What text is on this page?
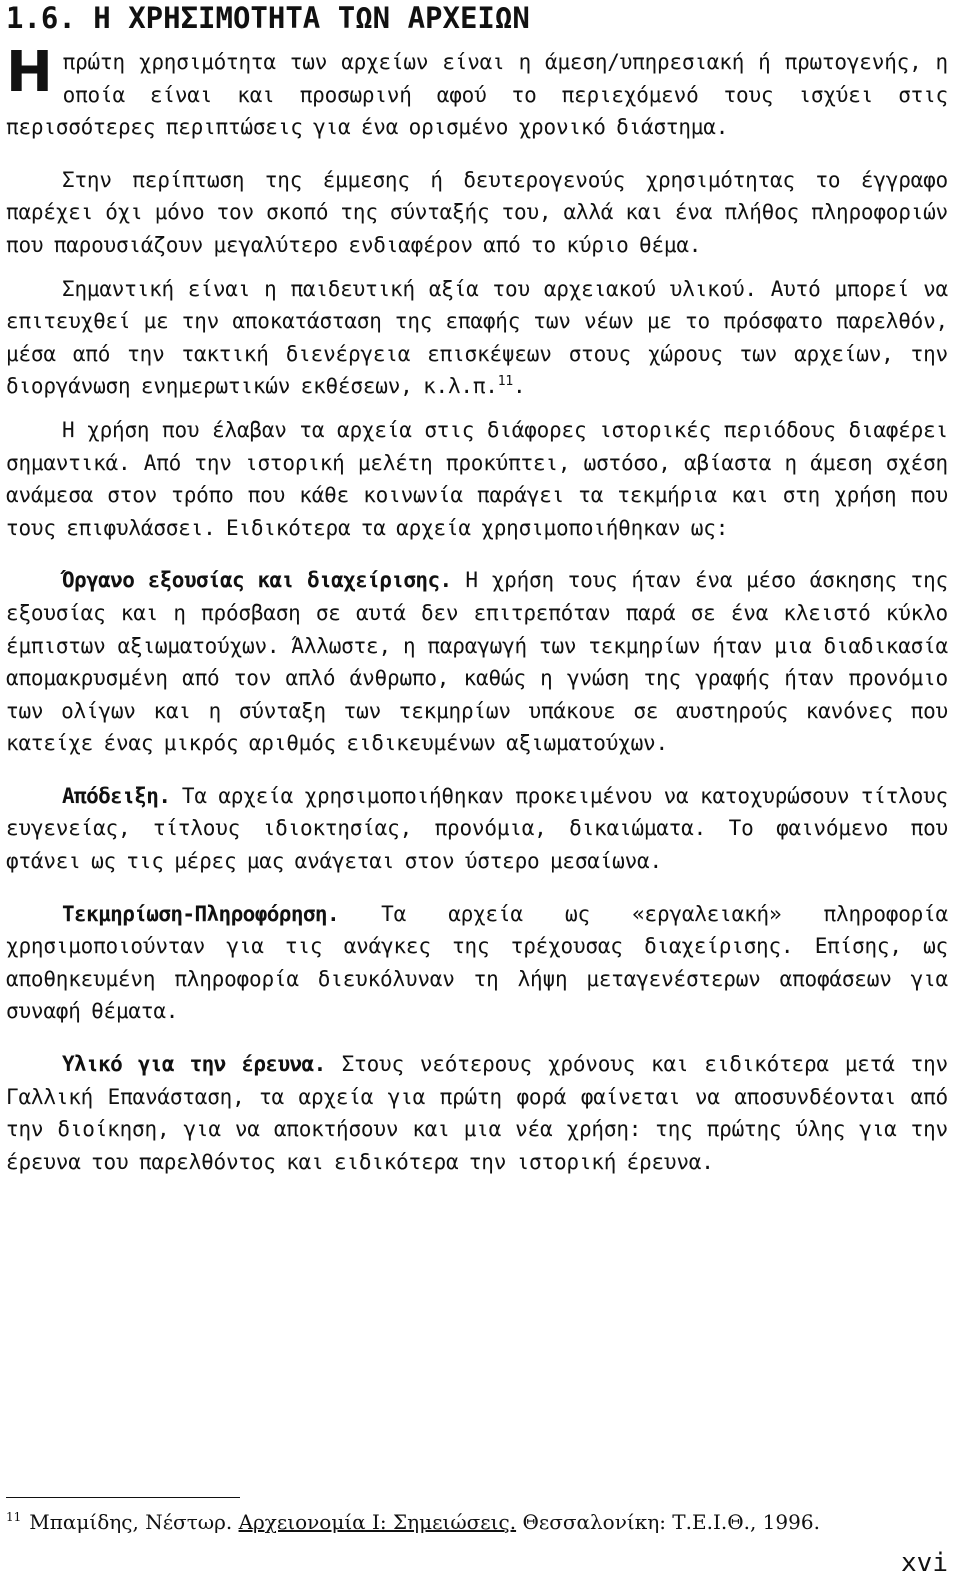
1.6. Η ΧΡΗΣΙΜΟΤΗΤΑ ΤΩΝ ΑΡΧΕΙΩΝ

Ηπρώτη χρησιμότητα των αρχείων είναι η άμεση/υπηρεσιακή ή πρωτογενής, η οποία είναι και προσωρινή αφού το περιεχόμενό τους ισχύει στις περισσότερες περιπτώσεις για ένα ορισμένο χρονικό διάστημα.

Στην περίπτωση της έμμεσης ή δευτερογενούς χρησιμότητας το έγγραφο παρέχει όχι μόνο τον σκοπό της σύνταξής του, αλλά και ένα πλήθος πληροφοριών που παρουσιάζουν μεγαλύτερο ενδιαφέρον από το κύριο θέμα.

Σημαντική είναι η παιδευτική αξία του αρχειακού υλικού. Αυτό μπορεί να επιτευχθεί με την αποκατάσταση της επαφής των νέων με το πρόσφατο παρελθόν, μέσα από την τακτική διενέργεια επισκέψεων στους χώρους των αρχείων, την διοργάνωση ενημερωτικών εκθέσεων, κ.λ.π.$^{11}$.

Η χρήση που έλαβαν τα αρχεία στις διάφορες ιστορικές περιόδους διαφέρει σημαντικά. Από την ιστορική μελέτη προκύπτει, ωστόσο, αβίαστα η άμεση σχέση ανάμεσα στον τρόπο που κάθε κοινωνία παράγει τα τεκμήρια και στη χρήση που τους επιφυλάσσει. Ειδικότερα τα αρχεία χρησιμοποιήθηκαν ως:

Όργανο εξουσίας και διαχείρισης. Η χρήση τους ήταν ένα μέσο άσκησης της εξουσίας και η πρόσβαση σε αυτά δεν επιτρεπόταν παρά σε ένα κλειστό κύκλο έμπιστων αξιωματούχων. Άλλωστε, η παραγωγή των τεκμηρίων ήταν μια διαδικασία απομακρυσμένη από τον απλό άνθρωπο, καθώς η γνώση της γραφής ήταν προνόμιο των ολίγων και η σύνταξη των τεκμηρίων υπάκουε σε αυστηρούς κανόνες που κατείχε ένας μικρός αριθμός ειδικευμένων αξιωματούχων.

Απόδειξη. Τα αρχεία χρησιμοποιήθηκαν προκειμένου να κατοχυρώσουν τίτλους ευγενείας, τίτλους ιδιοκτησίας, προνόμια, δικαιώματα. Το φαινόμενο που φτάνει ως τις μέρες μας ανάγεται στον ύστερο μεσαίωνα.

Τεκμηρίωση-Πληροφόρηση. Τα αρχεία ως «εργαλειακή» πληροφορία χρησιμοποιούνταν για τις ανάγκες της τρέχουσας διαχείρισης. Επίσης, ως αποθηκευμένη πληροφορία διευκόλυναν τη λήψη μεταγενέστερων αποφάσεων για συναφή θέματα.

Υλικό για την έρευνα. Στους νεότερους χρόνους και ειδικότερα μετά την Γαλλική Επανάσταση, τα αρχεία για πρώτη φορά φαίνεται να αποσυνδέονται από την διοίκηση, για να αποκτήσουν και μια νέα χρήση: της πρώτης ύλης για την έρευνα του παρελθόντος και ειδικότερα την ιστορική έρευνα.

$^{11}$ Μπαμίδης, Νέστωρ. Αρχειονομία Ι: Σημειώσεις. Θεσσαλονίκη: Τ.Ε.Ι.Θ., 1996.
xvi
